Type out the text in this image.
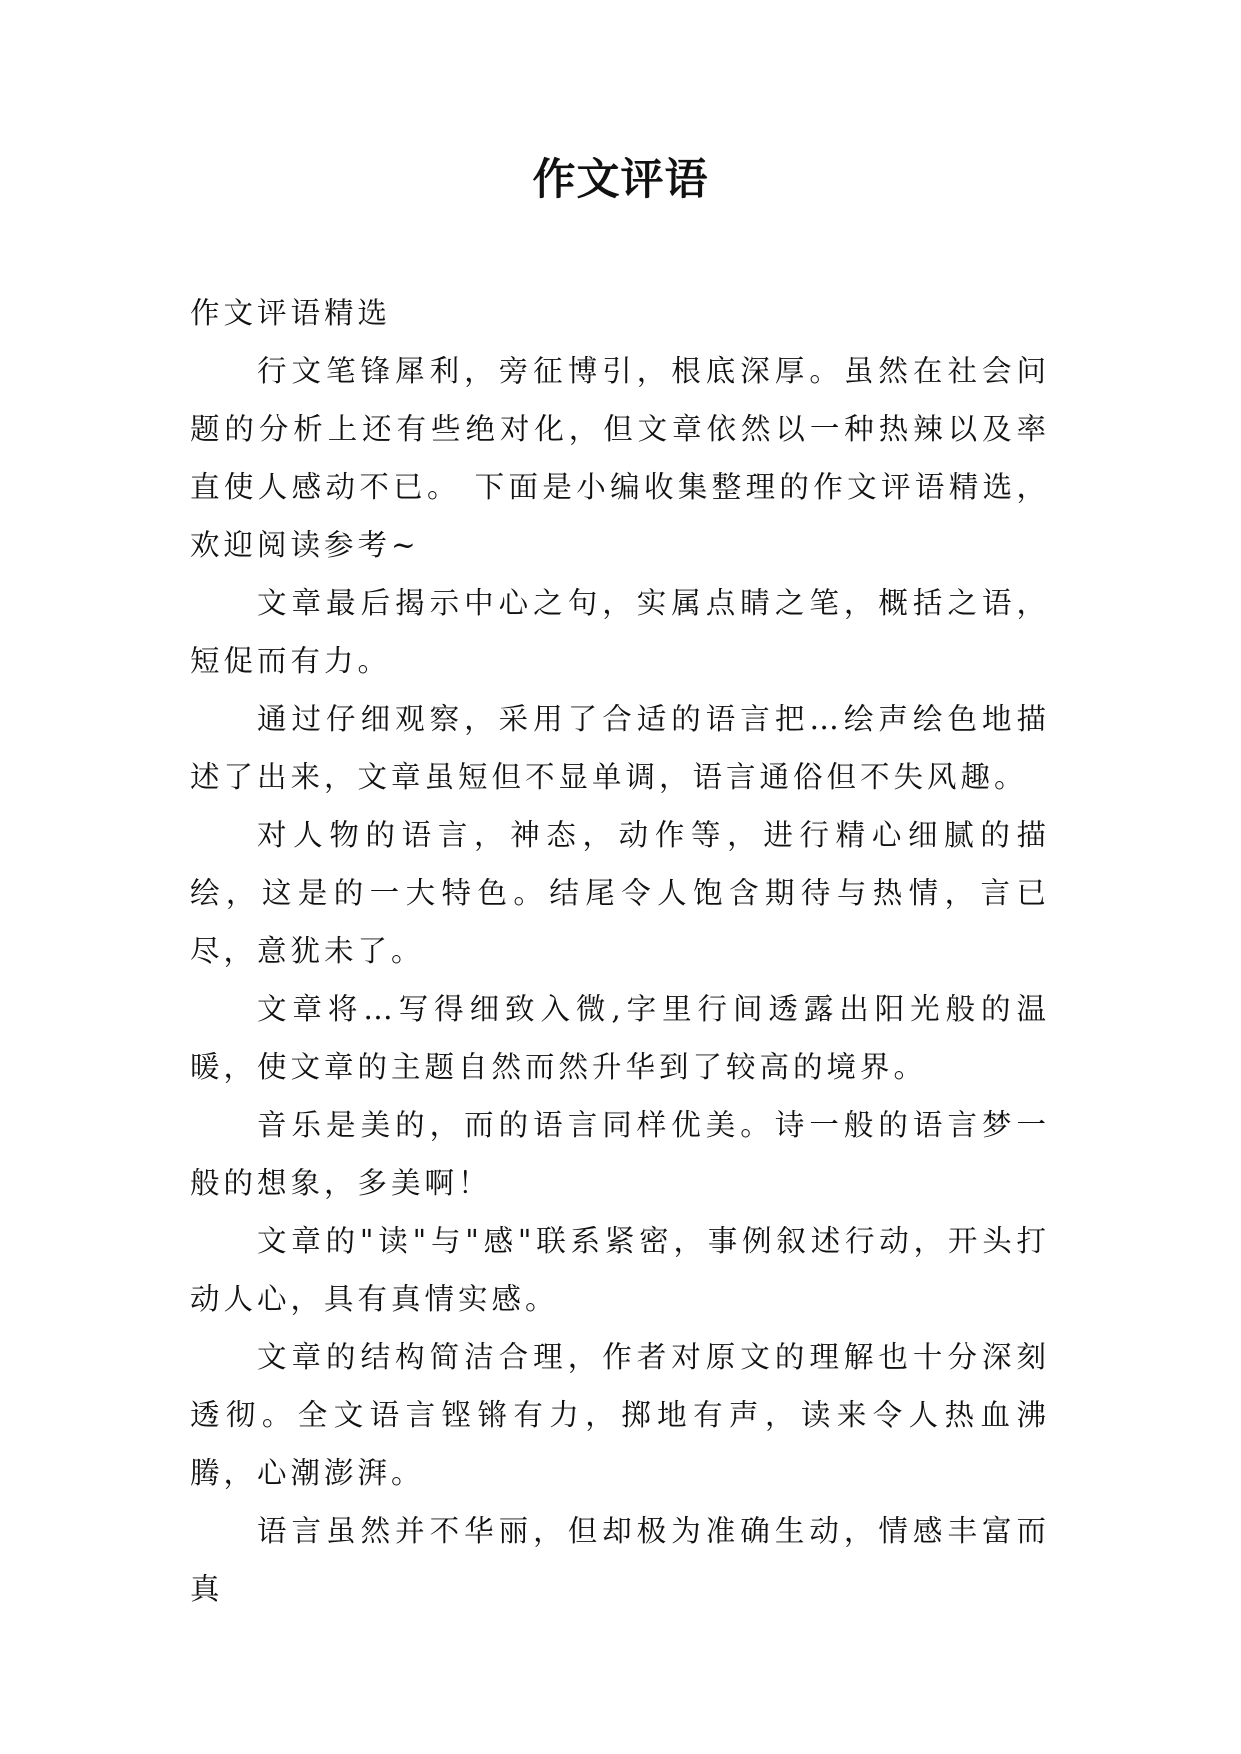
作文评语

作文评语精选

行文笔锋犀利，旁征博引，根底深厚。虽然在社会问题的分析上还有些绝对化，但文章依然以一种热辣以及率直使人感动不已。 下面是小编收集整理的作文评语精选，欢迎阅读参考~

文章最后揭示中心之句，实属点睛之笔，概括之语，短促而有力。

通过仔细观察，采用了合适的语言把…绘声绘色地描述了出来，文章虽短但不显单调，语言通俗但不失风趣。

对人物的语言，神态，动作等，进行精心细腻的描绘，这是的一大特色。结尾令人饱含期待与热情，言已尽，意犹未了。

文章将…写得细致入微,字里行间透露出阳光般的温暖，使文章的主题自然而然升华到了较高的境界。

音乐是美的，而的语言同样优美。诗一般的语言梦一般的想象，多美啊！

文章的"读"与"感"联系紧密，事例叙述行动，开头打动人心，具有真情实感。

文章的结构简洁合理，作者对原文的理解也十分深刻透彻。全文语言铿锵有力，掷地有声，读来令人热血沸腾，心潮澎湃。

语言虽然并不华丽，但却极为准确生动，情感丰富而真
